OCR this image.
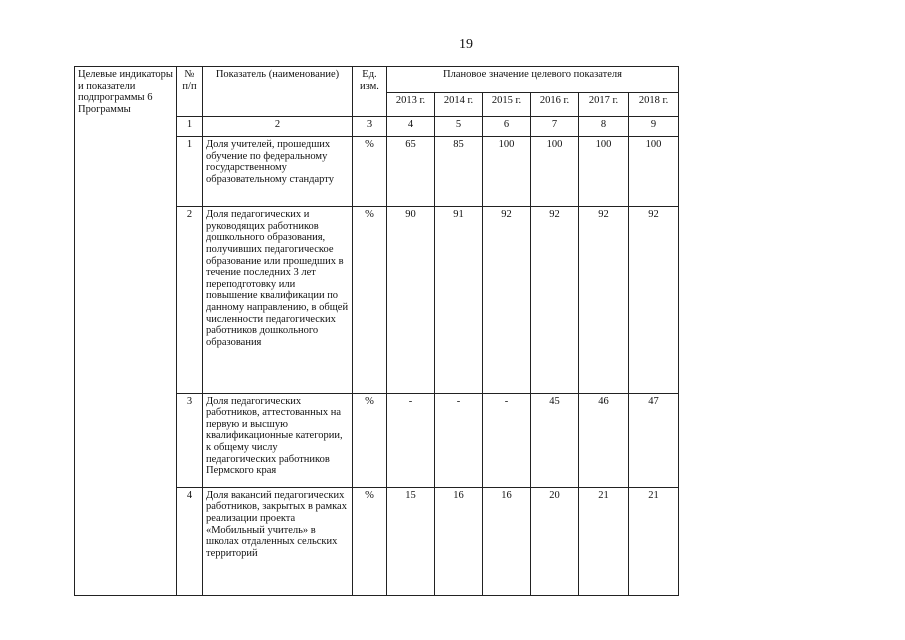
19
Целевые индикаторы и показатели подпрограммы 6 Программы	№ п/п	Показатель (наименование)	Ед. изм.	Плановое значение целевого показателя					
				2013 г.	2014 г.	2015 г.	2016 г.	2017 г.	2018 г.
	1	2	3	4	5	6	7	8	9
	1	Доля учителей, прошедших обучение по федеральному государственному образовательному стандарту	%	65	85	100	100	100	100
	2	Доля педагогических и руководящих работников дошкольного образования, получивших педагогическое образование или прошедших в течение последних 3 лет переподготовку или повышение квалификации по данному направлению, в общей численности педагогических работников дошкольного образования	%	90	91	92	92	92	92
	3	Доля педагогических работников, аттестованных на первую и высшую квалификационные категории, к общему числу педагогических работников Пермского края	%	-	-	-	45	46	47
	4	Доля вакансий педагогических работников, закрытых в рамках реализации проекта «Мобильный учитель» в школах отдаленных сельских территорий	%	15	16	16	20	21	21
